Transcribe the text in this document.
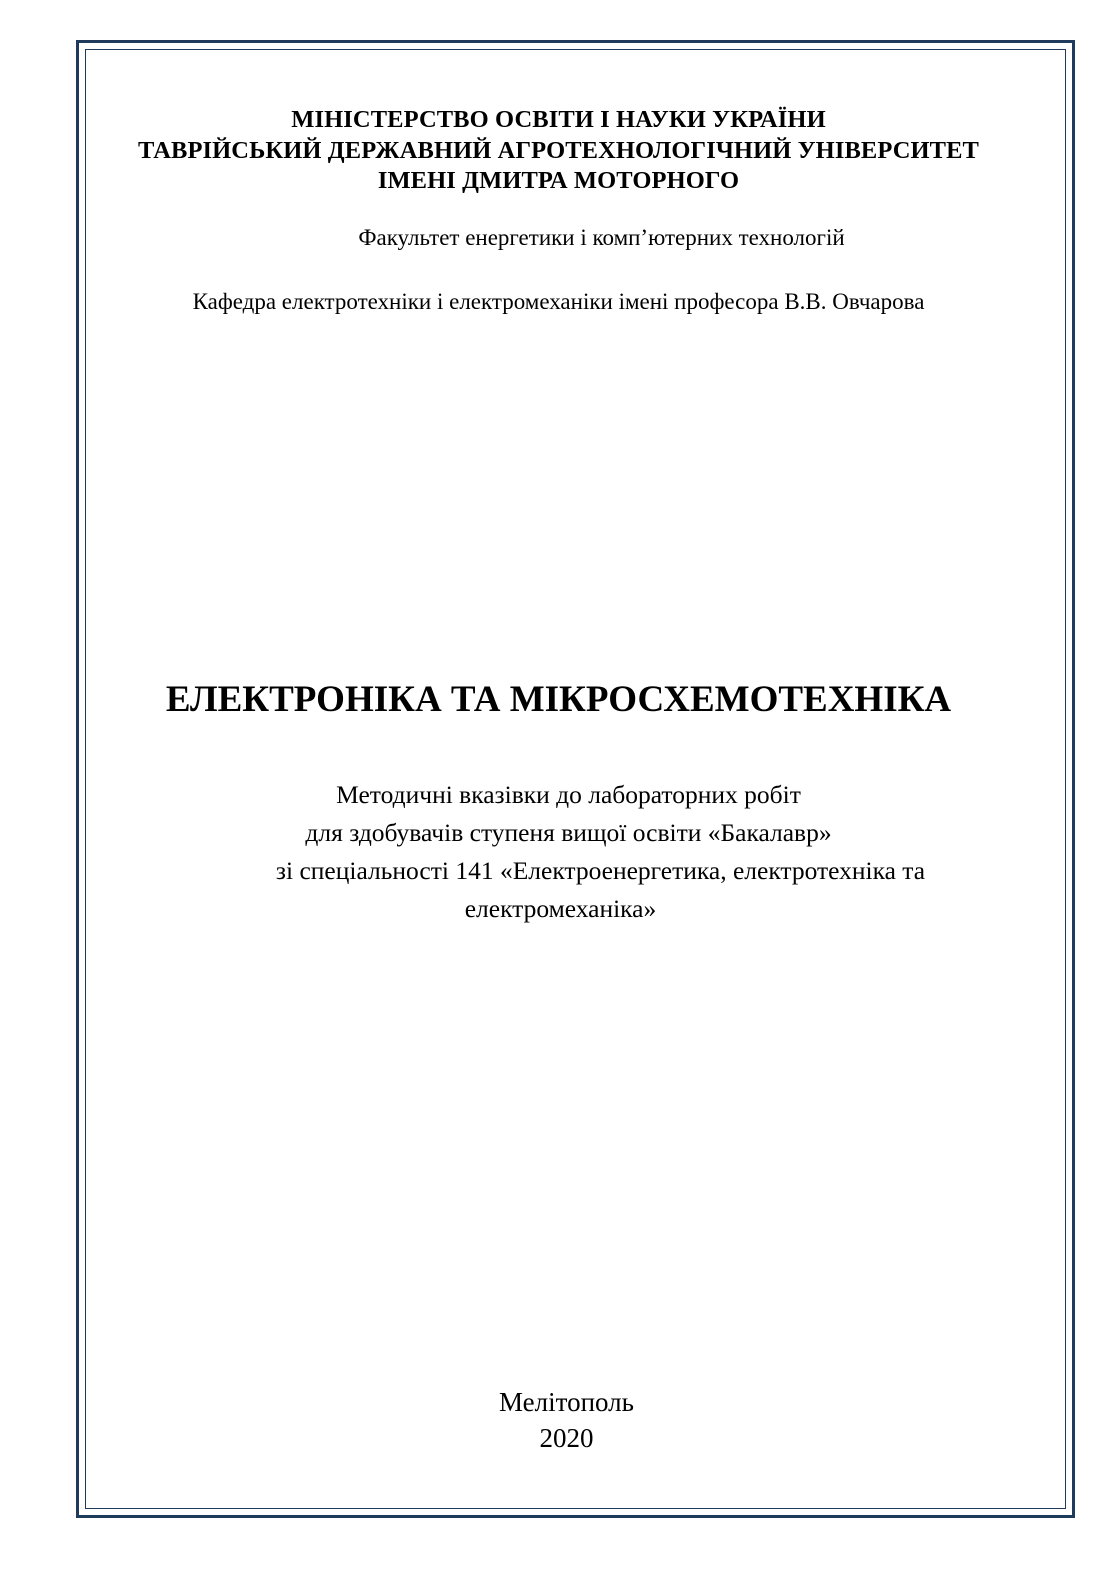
МІНІСТЕРСТВО ОСВІТИ І НАУКИ УКРАЇНИ
ТАВРІЙСЬКИЙ ДЕРЖАВНИЙ АГРОТЕХНОЛОГІЧНИЙ УНІВЕРСИТЕТ
ІМЕНІ ДМИТРА МОТОРНОГО
Факультет енергетики і комп’ютерних технологій
Кафедра електротехніки і електромеханіки імені професора В.В. Овчарова
ЕЛЕКТРОНІКА ТА МІКРОСХЕМОТЕХНІКА
Методичні вказівки до лабораторних робіт
для здобувачів ступеня вищої освіти «Бакалавр»
зі спеціальності 141 «Електроенергетика, електротехніка та
електромеханіка»
Мелітополь
2020
